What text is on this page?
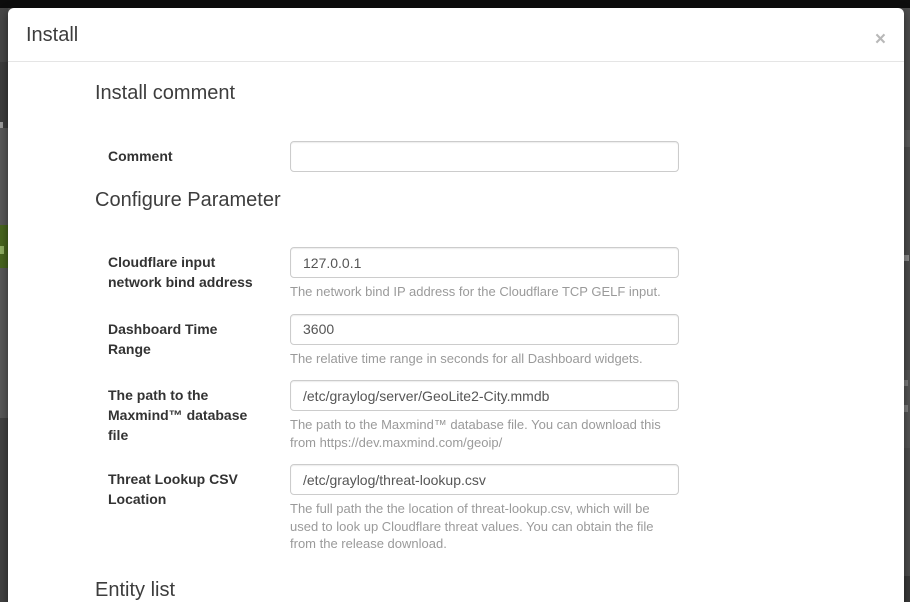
Install	×
Install comment
Comment
Configure Parameter
Cloudflare input network bind address
127.0.0.1
The network bind IP address for the Cloudflare TCP GELF input.
Dashboard Time Range
3600
The relative time range in seconds for all Dashboard widgets.
The path to the Maxmind™ database file
/etc/graylog/server/GeoLite2-City.mmdb
The path to the Maxmind™ database file. You can download this from https://dev.maxmind.com/geoip/
Threat Lookup CSV Location
/etc/graylog/threat-lookup.csv
The full path the the location of threat-lookup.csv, which will be used to look up Cloudflare threat values. You can obtain the file from the release download.
Entity list
